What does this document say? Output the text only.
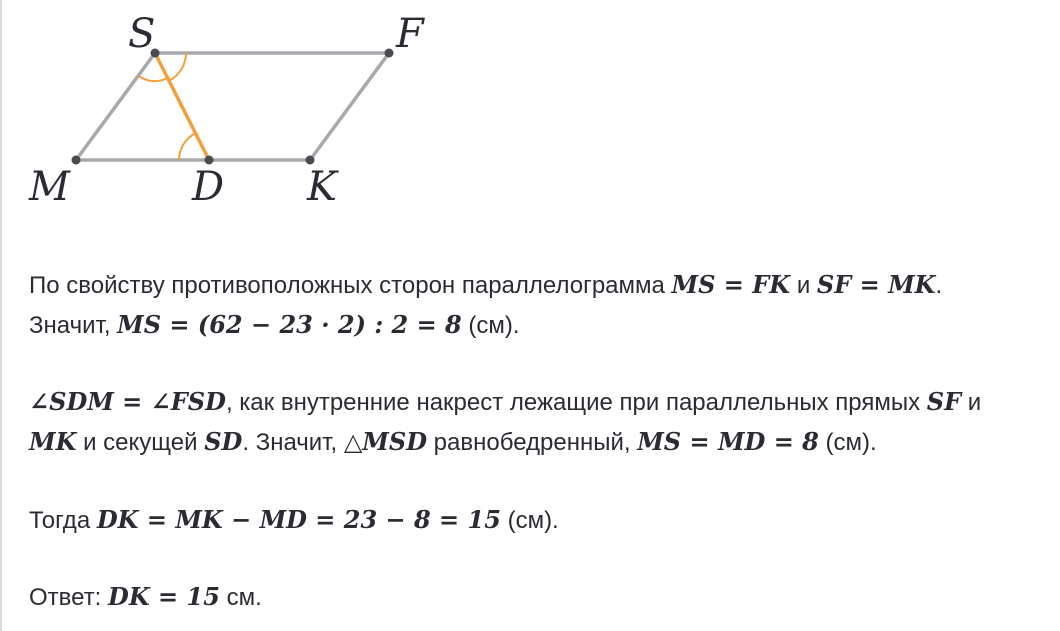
S	F
M	D K
По свойству противоположных сторон параллелограмма MS = FK и SF = MK.
Значит, MS = (62 − 23 · 2) : 2 = 8 (см).
∠SDM = ∠FSD, как внутренние накрест лежащие при параллельных прямых SF и
MK и секущей SD. Значит, △MSD равнобедренный, MS = MD = 8 (см).
Тогда DK = MK − MD = 23 − 8 = 15 (см).
Ответ: DK = 15 см.
